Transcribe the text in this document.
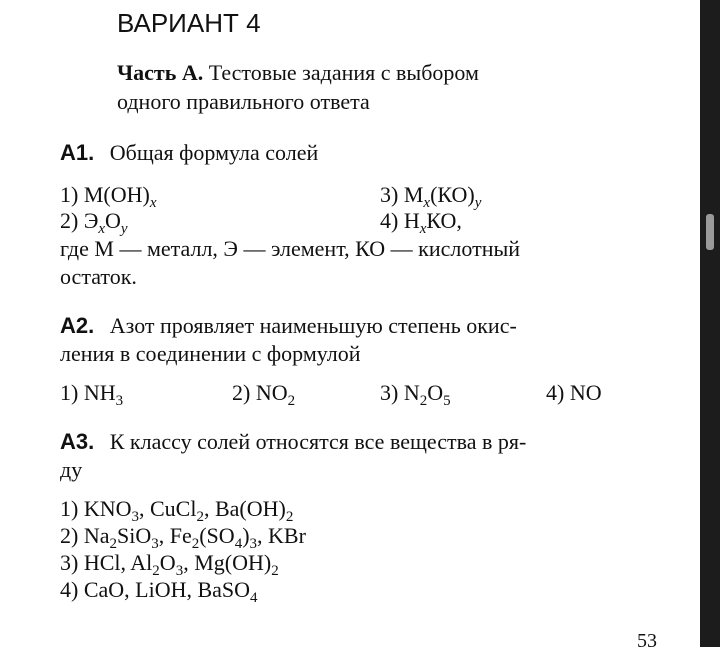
ВАРИАНТ 4
Часть А. Тестовые задания с выбором
одного правильного ответа
А1. Общая формула солей
1) $M(OH)_x$	3) $M_x(КО)_y$
2) $Э_xO_y$	4) $H_xКО$,
где М — металл, Э — элемент, КО — кислотный
остаток.
А2. Азот проявляет наименьшую степень окис-
ления в соединении с формулой
1) $NH_3$	2) $NO_2$	3) $N_2O_5$	4) NO
А3. К классу солей относятся все вещества в ря-
ду
1) $KNO_3$, CuCl$_2$, $Ba(OH)_2$
2) $Na_2SiO_3$, $Fe_2(SO_4)_3$, KBr
3) HCl, $Al_2O_3$, $Mg(OH)_2$
4) CaO, LiOH, BaSO$_4$
53
